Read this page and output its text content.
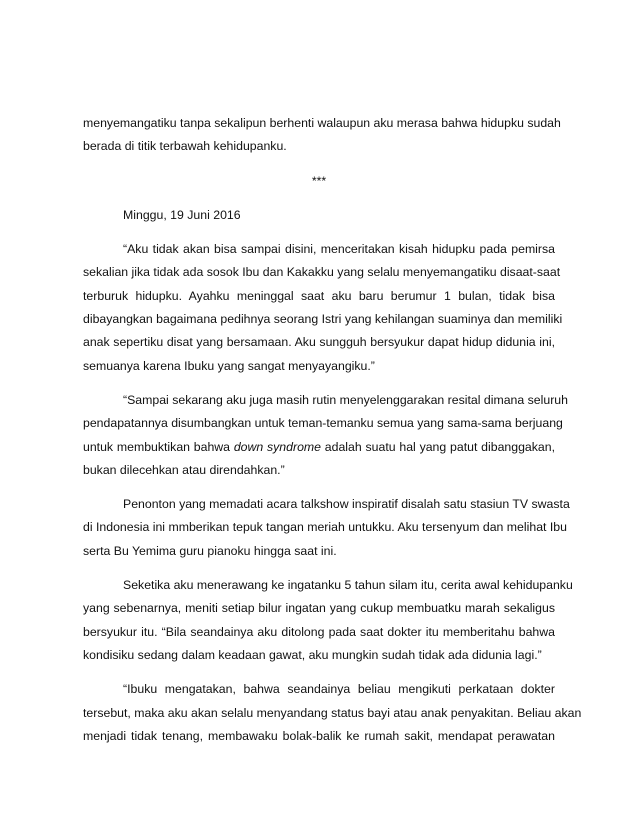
menyemangatiku tanpa sekalipun berhenti walaupun aku merasa bahwa hidupku sudah
berada di titik terbawah kehidupanku.
***
Minggu, 19 Juni 2016
“Aku tidak akan bisa sampai disini, menceritakan kisah hidupku pada pemirsa
sekalian jika tidak ada sosok Ibu dan Kakakku yang selalu menyemangatiku disaat-saat
terburuk hidupku. Ayahku meninggal saat aku baru berumur 1 bulan, tidak bisa
dibayangkan bagaimana pedihnya seorang Istri yang kehilangan suaminya dan memiliki
anak sepertiku disat yang bersamaan. Aku sungguh bersyukur dapat hidup didunia ini,
semuanya karena Ibuku yang sangat menyayangiku.”
“Sampai sekarang aku juga masih rutin menyelenggarakan resital dimana seluruh
pendapatannya disumbangkan untuk teman-temanku semua yang sama-sama berjuang
untuk membuktikan bahwa down syndrome adalah suatu hal yang patut dibanggakan,
bukan dilecehkan atau direndahkan.”
Penonton yang memadati acara talkshow inspiratif disalah satu stasiun TV swasta
di Indonesia ini mmberikan tepuk tangan meriah untukku. Aku tersenyum dan melihat Ibu
serta Bu Yemima guru pianoku hingga saat ini.
Seketika aku menerawang ke ingatanku 5 tahun silam itu, cerita awal kehidupanku
yang sebenarnya, meniti setiap bilur ingatan yang cukup membuatku marah sekaligus
bersyukur itu. “Bila seandainya aku ditolong pada saat dokter itu memberitahu bahwa
kondisiku sedang dalam keadaan gawat, aku mungkin sudah tidak ada didunia lagi.”
“Ibuku mengatakan, bahwa seandainya beliau mengikuti perkataan dokter
tersebut, maka aku akan selalu menyandang status bayi atau anak penyakitan. Beliau akan
menjadi tidak tenang, membawaku bolak-balik ke rumah sakit, mendapat perawatan
